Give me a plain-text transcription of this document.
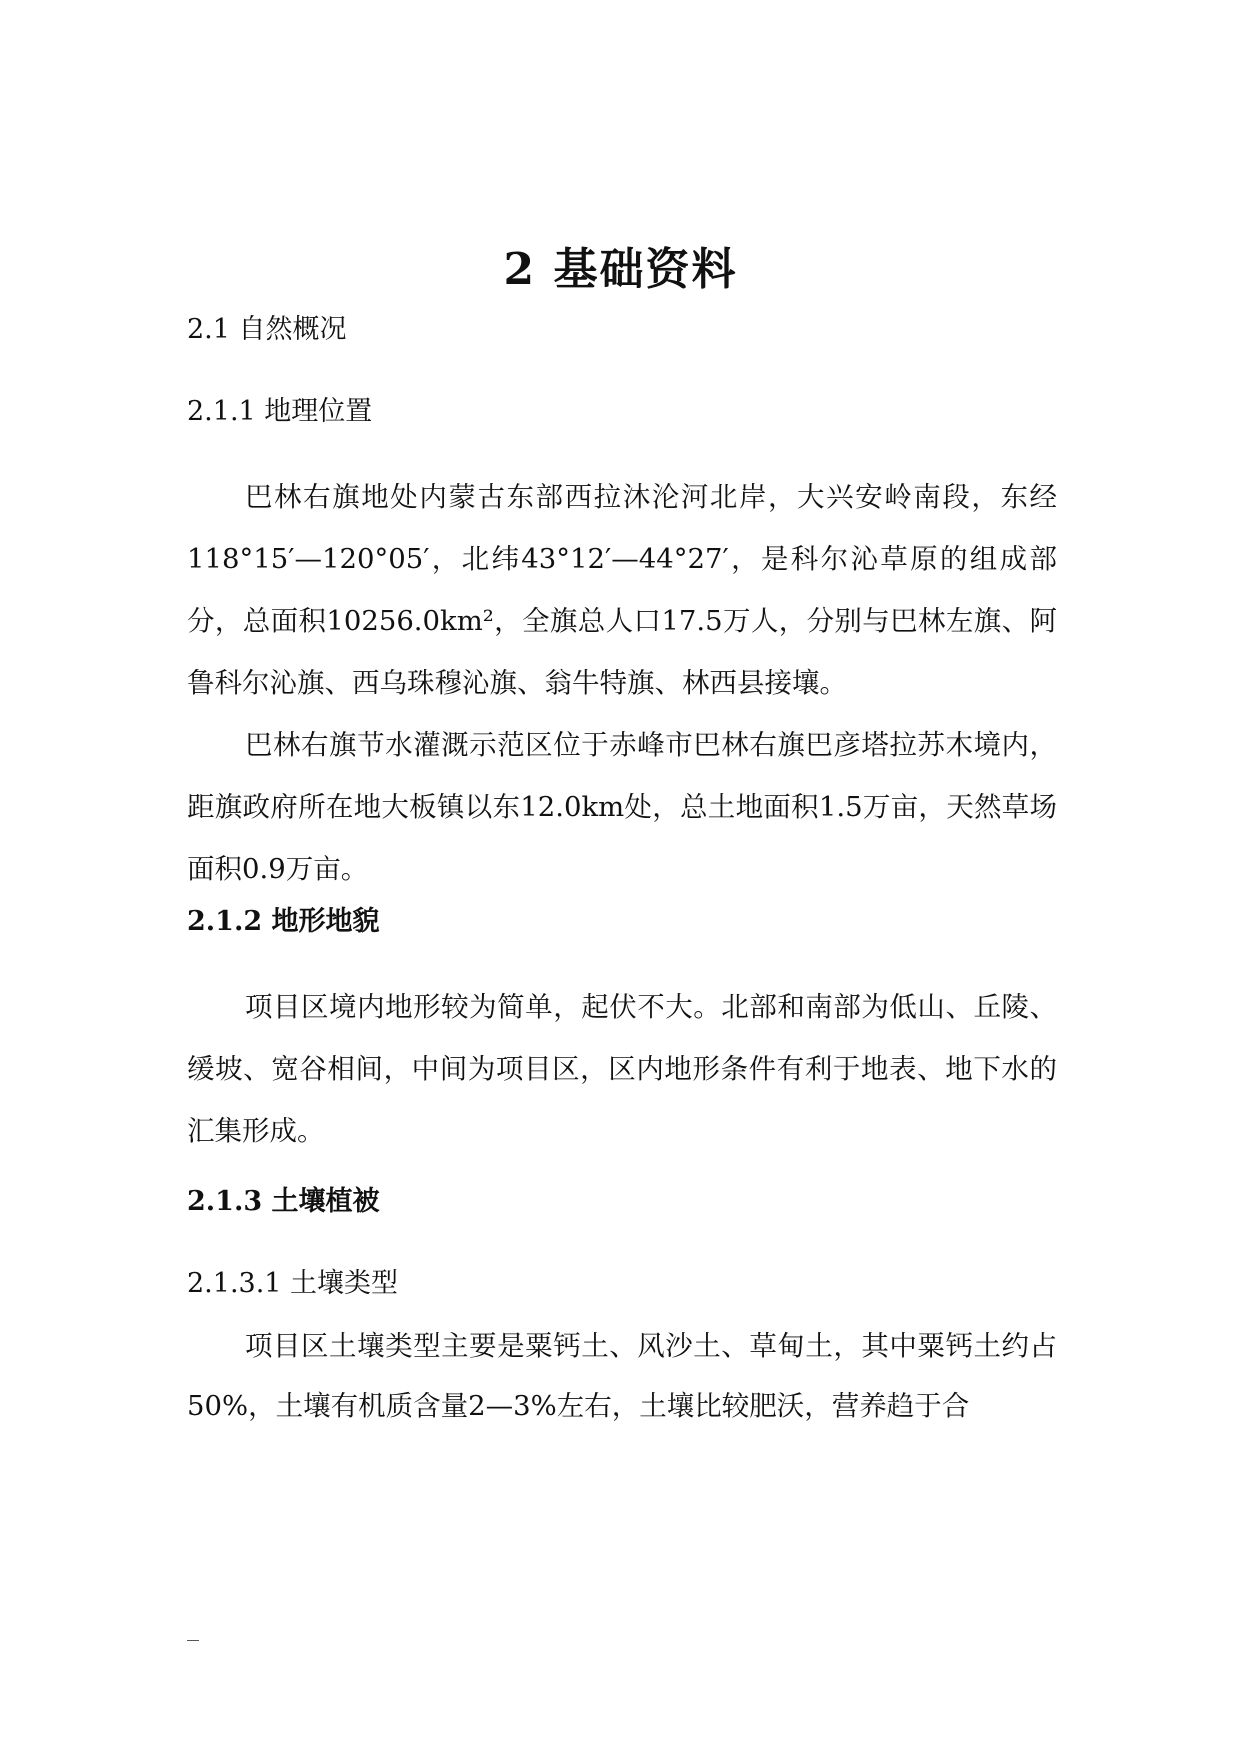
2 基础资料
2.1 自然概况
2.1.1 地理位置
巴林右旗地处内蒙古东部西拉沐沦河北岸，大兴安岭南段，东经118°15′—120°05′，北纬43°12′—44°27′，是科尔沁草原的组成部分，总面积10256.0km²，全旗总人口17.5万人，分别与巴林左旗、阿鲁科尔沁旗、西乌珠穆沁旗、翁牛特旗、林西县接壤。
巴林右旗节水灌溉示范区位于赤峰市巴林右旗巴彦塔拉苏木境内，距旗政府所在地大板镇以东12.0km处，总土地面积1.5万亩，天然草场面积0.9万亩。
2.1.2 地形地貌
项目区境内地形较为简单，起伏不大。北部和南部为低山、丘陵、缓坡、宽谷相间，中间为项目区，区内地形条件有利于地表、地下水的汇集形成。
2.1.3 土壤植被
2.1.3.1 土壤类型
项目区土壤类型主要是粟钙土、风沙土、草甸土，其中粟钙土约占50%，土壤有机质含量2—3%左右，土壤比较肥沃，营养趋于合
